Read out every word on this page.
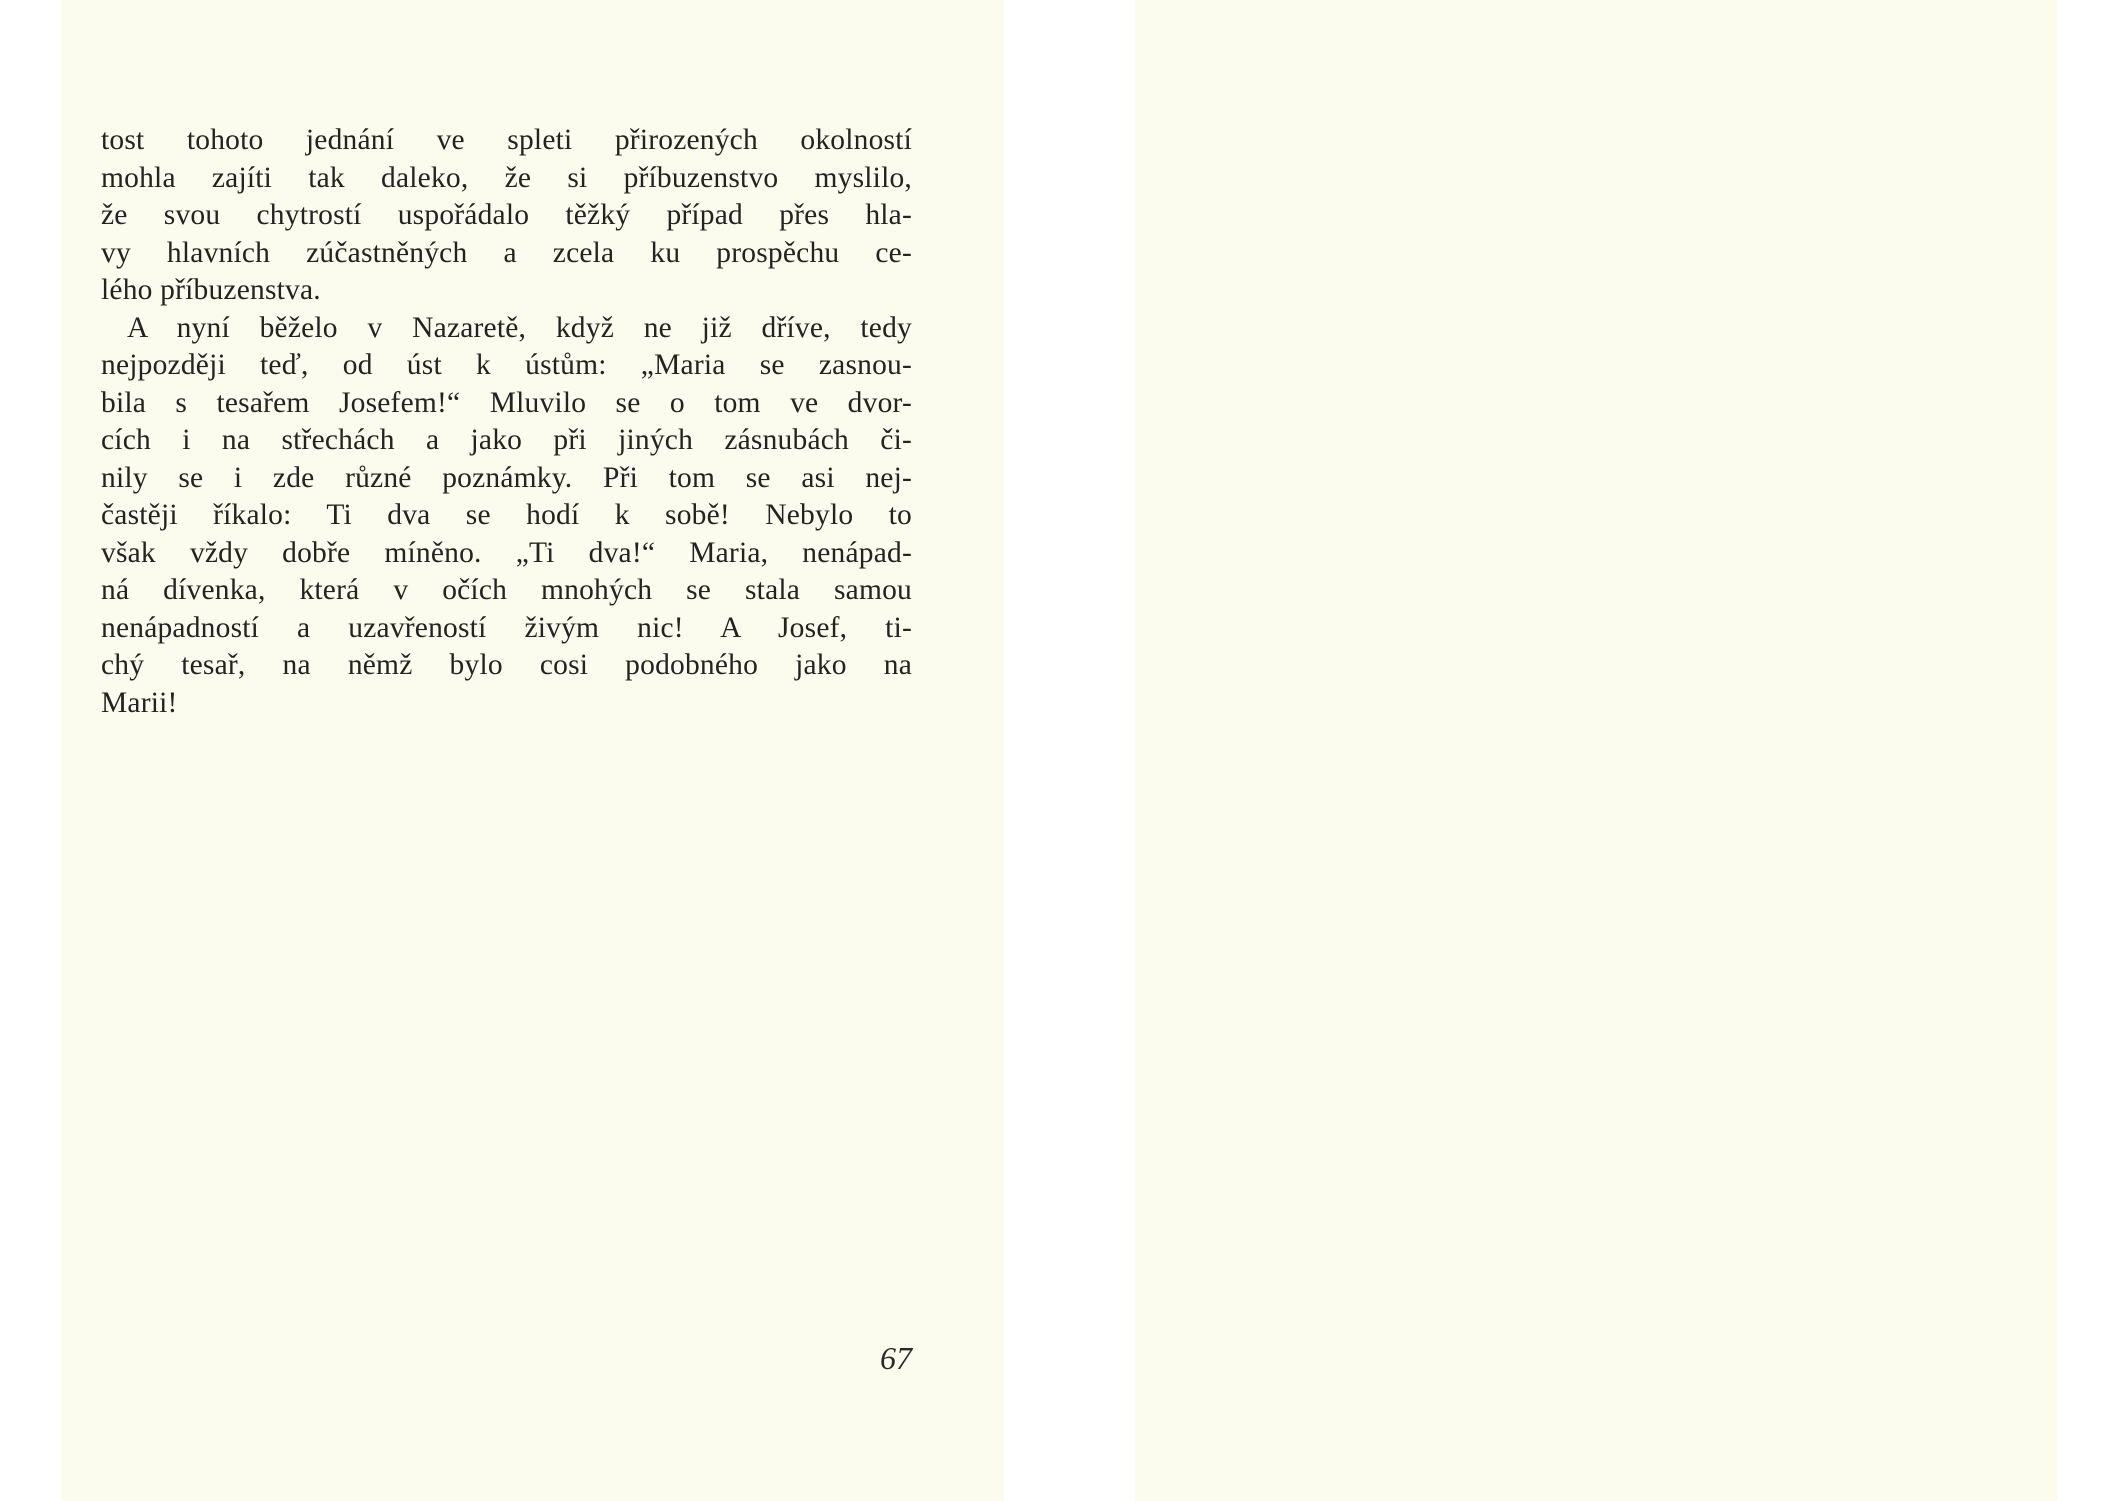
tost tohoto jednání ve spleti přirozených okolností
mohla zajíti tak daleko, že si příbuzenstvo myslilo,
že svou chytrostí uspořádalo těžký případ přes hla-
vy hlavních zúčastněných a zcela ku prospěchu ce-
lého příbuzenstva.
A nyní běželo v Nazaretě, když ne již dříve, tedy
nejpozději teď, od úst k ústům: „Maria se zasnou-
bila s tesařem Josefem!“ Mluvilo se o tom ve dvor-
cích i na střechách a jako při jiných zásnubách či-
nily se i zde různé poznámky. Při tom se asi nej-
častěji říkalo: Ti dva se hodí k sobě! Nebylo to
však vždy dobře míněno. „Ti dva!“ Maria, nenápad-
ná dívenka, která v očích mnohých se stala samou
nenápadností a uzavřeností živým nic! A Josef, ti-
chý tesař, na němž bylo cosi podobného jako na
Marii!
67
